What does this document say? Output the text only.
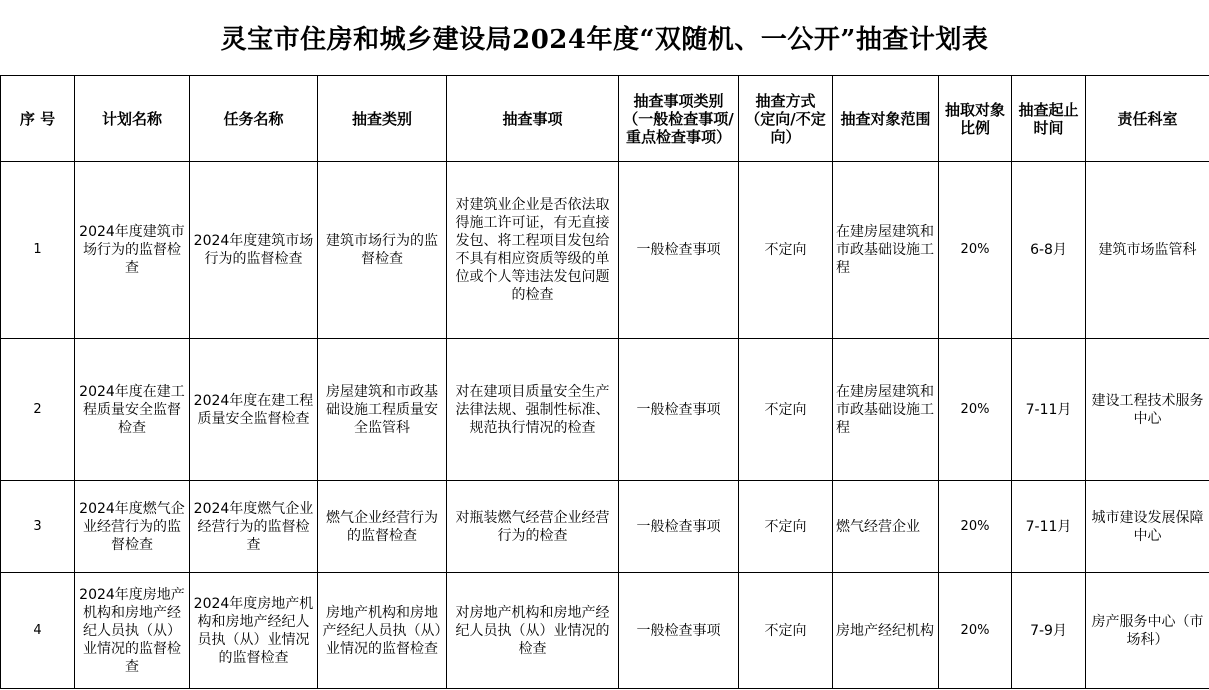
灵宝市住房和城乡建设局2024年度“双随机、一公开”抽查计划表
序 号	计划名称	任务名称	抽查类别	抽查事项	抽查事项类别（一般检查事项/重点检查事项）	抽查方式（定向/不定向）	抽查对象范围	抽取对象比例	抽查起止时间	责任科室
1	2024年度建筑市场行为的监督检查	2024年度建筑市场行为的监督检查	建筑市场行为的监督检查	对建筑业企业是否依法取得施工许可证，有无直接发包、将工程项目发包给不具有相应资质等级的单位或个人等违法发包问题的检查	一般检查事项	不定向	在建房屋建筑和市政基础设施工程	20%	6-8月	建筑市场监管科
2	2024年度在建工程质量安全监督检查	2024年度在建工程质量安全监督检查	房屋建筑和市政基础设施工程质量安全监管科	对在建项目质量安全生产法律法规、强制性标准、规范执行情况的检查	一般检查事项	不定向	在建房屋建筑和市政基础设施工程	20%	7-11月	建设工程技术服务中心
3	2024年度燃气企业经营行为的监督检查	2024年度燃气企业经营行为的监督检查	燃气企业经营行为的监督检查	对瓶装燃气经营企业经营行为的检查	一般检查事项	不定向	燃气经营企业	20%	7-11月	城市建设发展保障中心
4	2024年度房地产机构和房地产经纪人员执（从）业情况的监督检查	2024年度房地产机构和房地产经纪人员执（从）业情况的监督检查	房地产机构和房地产经纪人员执（从）业情况的监督检查	对房地产机构和房地产经纪人员执（从）业情况的检查	一般检查事项	不定向	房地产经纪机构	20%	7-9月	房产服务中心（市场科）
